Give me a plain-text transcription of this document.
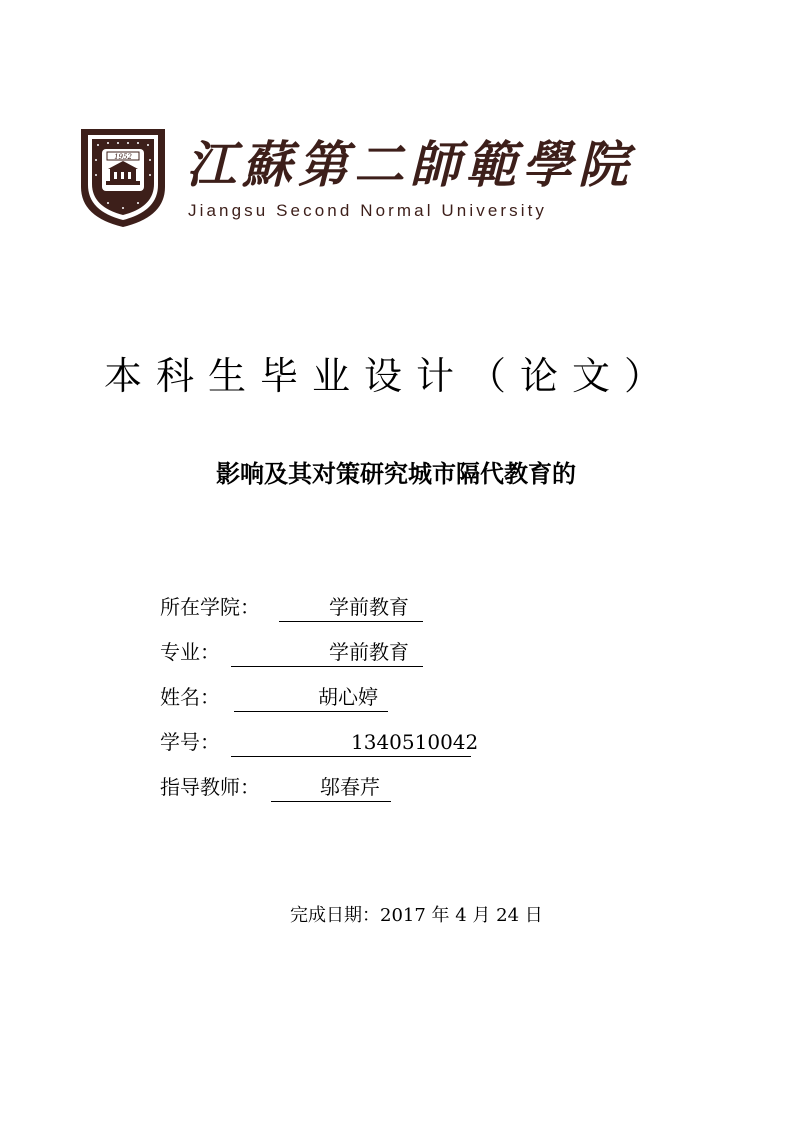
1952 江蘇第二師範學院
Jiangsu Second Normal University
本科生毕业设计（论文）
影响及其对策研究城市隔代教育的
所在学院：	学前教育
专业：	学前教育
姓名：	胡心婷
学号：	1340510042
指导教师：	邬春芹
完成日期：2017 年 4 月 24 日
